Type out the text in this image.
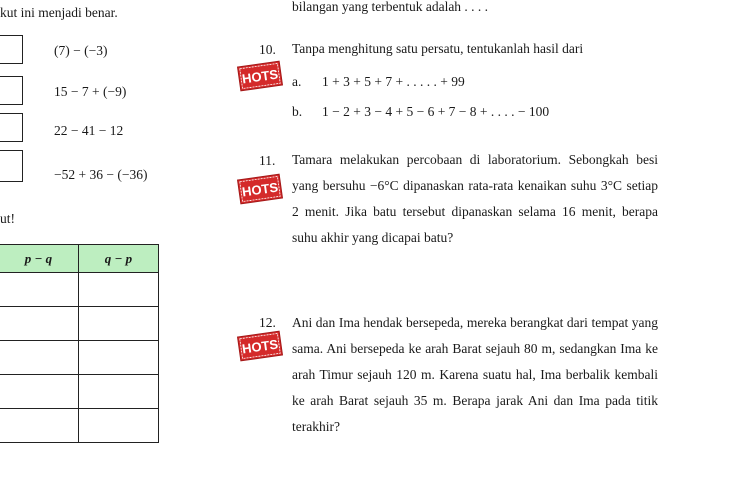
kut ini menjadi benar.
(7) − (−3)
15 − 7 + (−9)
22 − 41 − 12
−52 + 36 − (−36)
ut!
p − q	q − p

bilangan yang terbentuk adalah . . . .
10. Tanpa menghitung satu persatu, tentukanlah hasil dari
HOTS a. 1 + 3 + 5 + 7 + . . . . . + 99
b. 1 − 2 + 3 − 4 + 5 − 6 + 7 − 8 + . . . . − 100
11.
HOTS
Tamara melakukan percobaan di laboratorium. Sebongkah besi yang bersuhu −6°C dipanaskan rata-rata kenaikan suhu 3°C setiap 2 menit. Jika batu tersebut dipanaskan selama 16 menit, berapa suhu akhir yang dicapai batu?
12.
HOTS
Ani dan Ima hendak bersepeda, mereka berangkat dari tempat yang sama. Ani bersepeda ke arah Barat sejauh 80 m, sedangkan Ima ke arah Timur sejauh 120 m. Karena suatu hal, Ima berbalik kembali ke arah Barat sejauh 35 m. Berapa jarak Ani dan Ima pada titik terakhir?
